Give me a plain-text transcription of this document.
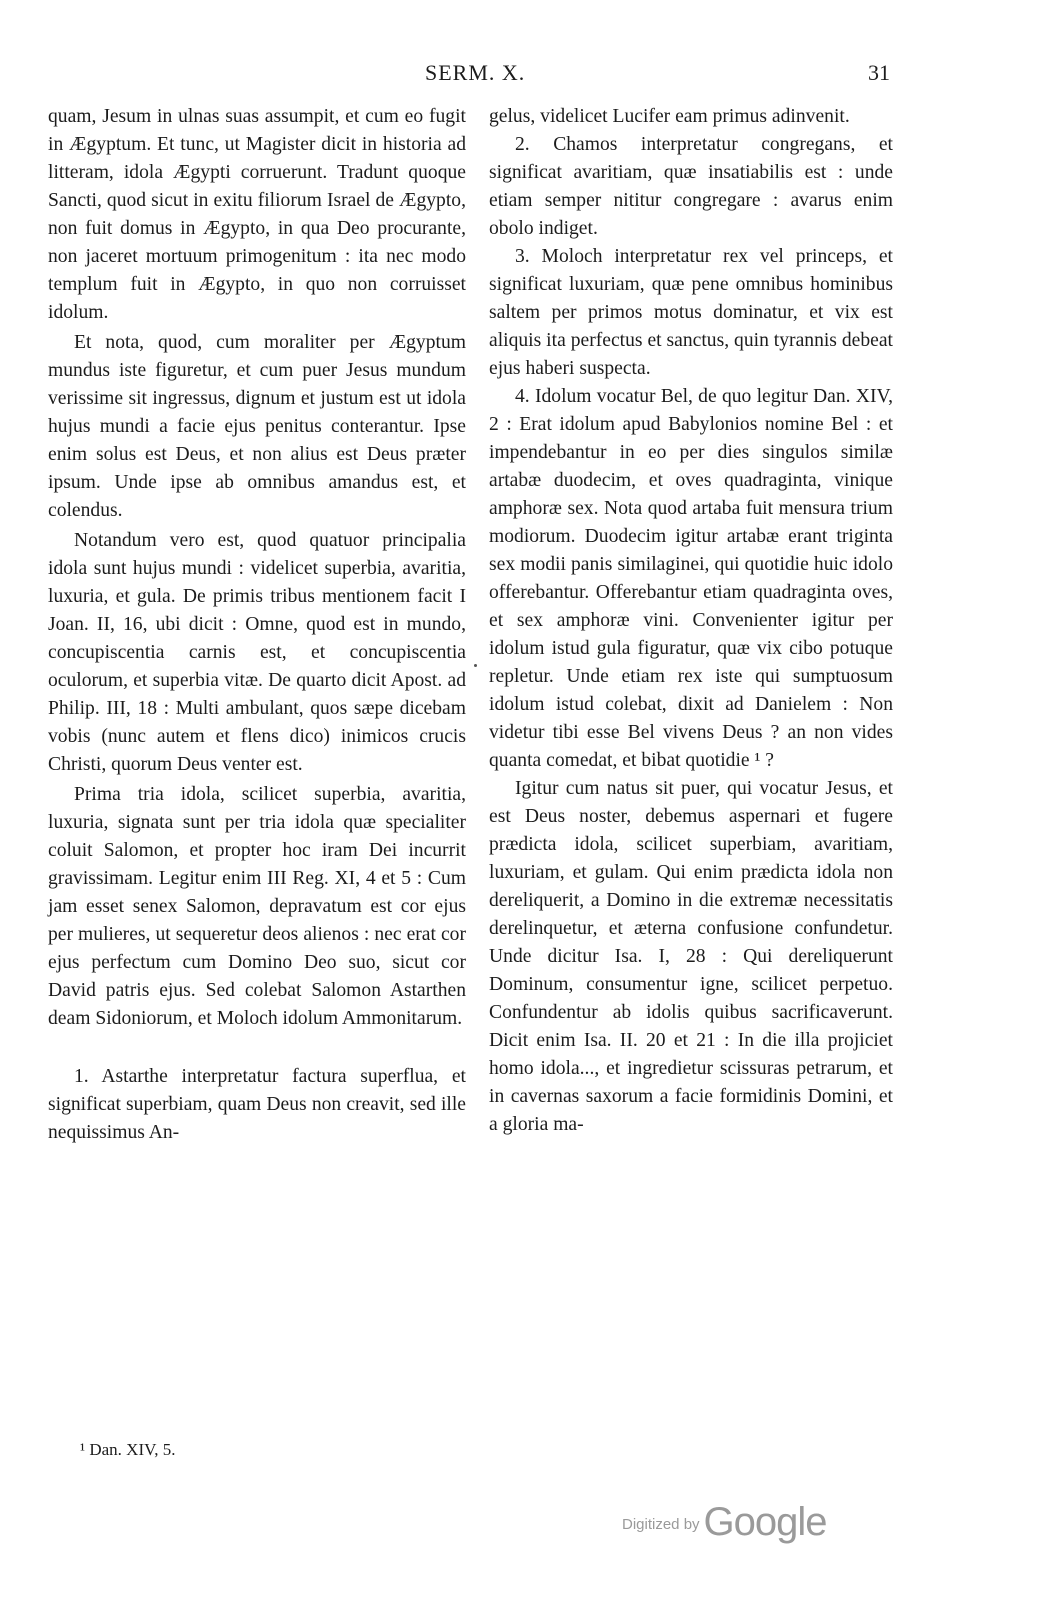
SERM. X.	31

quam, Jesum in ulnas suas assumpit, et cum eo fugit in Ægyptum. Et tunc, ut Magister dicit in historia ad litteram, idola Ægypti corruerunt. Tradunt quoque Sancti, quod sicut in exitu filiorum Israel de Ægypto, non fuit domus in Ægypto, in qua Deo procurante, non jaceret mortuum primogenitum : ita nec modo templum fuit in Ægypto, in quo non corruisset idolum.

Et nota, quod, cum moraliter per Ægyptum mundus iste figuretur, et cum puer Jesus mundum verissime sit ingressus, dignum et justum est ut idola hujus mundi a facie ejus penitus conterantur. Ipse enim solus est Deus, et non alius est Deus præter ipsum. Unde ipse ab omnibus amandus est, et colendus.

Notandum vero est, quod quatuor principalia idola sunt hujus mundi : videlicet superbia, avaritia, luxuria, et gula. De primis tribus mentionem facit I Joan. II, 16, ubi dicit : Omne, quod est in mundo, concupiscentia carnis est, et concupiscentia oculorum, et superbia vitæ. De quarto dicit Apost. ad Philip. III, 18 : Multi ambulant, quos sæpe dicebam vobis (nunc autem et flens dico) inimicos crucis Christi, quorum Deus venter est.

Prima tria idola, scilicet superbia, avaritia, luxuria, signata sunt per tria idola quæ specialiter coluit Salomon, et propter hoc iram Dei incurrit gravissimam. Legitur enim III Reg. XI, 4 et 5 : Cum jam esset senex Salomon, depravatum est cor ejus per mulieres, ut sequeretur deos alienos : nec erat cor ejus perfectum cum Domino Deo suo, sicut cor David patris ejus. Sed colebat Salomon Astarthen deam Sidoniorum, et Moloch idolum Ammonitarum.

1. Astarthe interpretatur factura superflua, et significat superbiam, quam Deus non creavit, sed ille nequissimus An-

gelus, videlicet Lucifer eam primus adinvenit.

2. Chamos interpretatur congregans, et significat avaritiam, quæ insatiabilis est : unde etiam semper nititur congregare : avarus enim obolo indiget.

3. Moloch interpretatur rex vel princeps, et significat luxuriam, quæ pene omnibus hominibus saltem per primos motus dominatur, et vix est aliquis ita perfectus et sanctus, quin tyrannis debeat ejus haberi suspecta.

4. Idolum vocatur Bel, de quo legitur Dan. XIV, 2 : Erat idolum apud Babylonios nomine Bel : et impendebantur in eo per dies singulos similæ artabæ duodecim, et oves quadraginta, vinique amphoræ sex. Nota quod artaba fuit mensura trium modiorum. Duodecim igitur artabæ erant triginta sex modii panis similaginei, qui quotidie huic idolo offerebantur. Offerebantur etiam quadraginta oves, et sex amphoræ vini. Convenienter igitur per idolum istud gula figuratur, quæ vix cibo potuque repletur. Unde etiam rex iste qui sumptuosum idolum istud colebat, dixit ad Danielem : Non videtur tibi esse Bel vivens Deus ? an non vides quanta comedat, et bibat quotidie ¹ ?

Igitur cum natus sit puer, qui vocatur Jesus, et est Deus noster, debemus aspernari et fugere prædicta idola, scilicet superbiam, avaritiam, luxuriam, et gulam. Qui enim prædicta idola non dereliquerit, a Domino in die extremæ necessitatis derelinquetur, et æterna confusione confundetur. Unde dicitur Isa. I, 28 : Qui dereliquerunt Dominum, consumentur igne, scilicet perpetuo. Confundentur ab idolis quibus sacrificaverunt. Dicit enim Isa. II. 20 et 21 : In die illa projiciet homo idola..., et ingredietur scissuras petrarum, et in cavernas saxorum a facie formidinis Domini, et a gloria ma-

¹ Dan. XIV, 5.
Digitized by Google
